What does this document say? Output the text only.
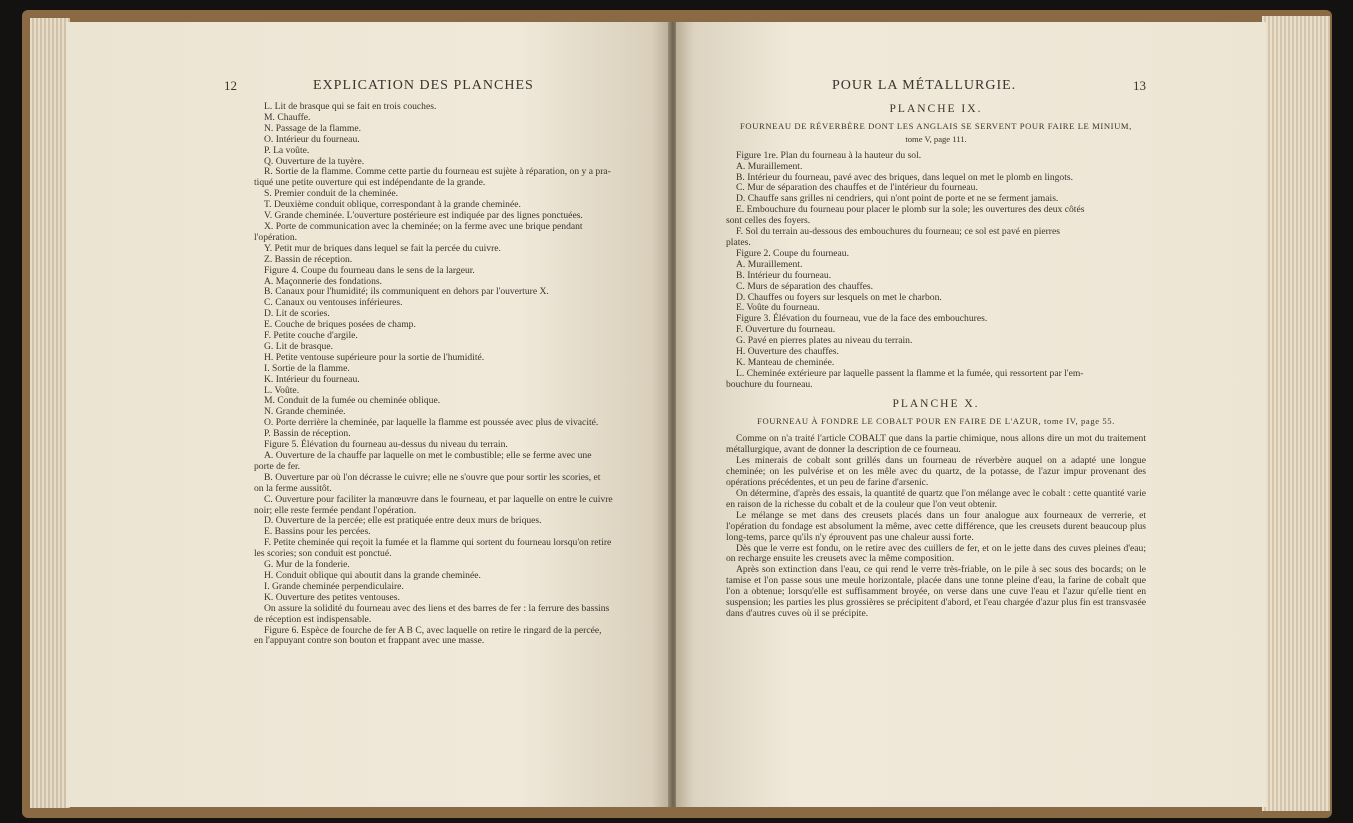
12	EXPLICATION DES PLANCHES

L. Lit de brasque qui se fait en trois couches.

M. Chauffe.

N. Passage de la flamme.

O. Intérieur du fourneau.

P. La voûte.

Q. Ouverture de la tuyère.

R. Sortie de la flamme. Comme cette partie du fourneau est sujète à réparation, on y a pra-

tiqué une petite ouverture qui est indépendante de la grande.

S. Premier conduit de la cheminée.

T. Deuxième conduit oblique, correspondant à la grande cheminée.

V. Grande cheminée. L'ouverture postérieure est indiquée par des lignes ponctuées.

X. Porte de communication avec la cheminée; on la ferme avec une brique pendant

l'opération.

Y. Petit mur de briques dans lequel se fait la percée du cuivre.

Z. Bassin de réception.

Figure 4. Coupe du fourneau dans le sens de la largeur.

A. Maçonnerie des fondations.

B. Canaux pour l'humidité; ils communiquent en dehors par l'ouverture X.

C. Canaux ou ventouses inférieures.

D. Lit de scories.

E. Couche de briques posées de champ.

F. Petite couche d'argile.

G. Lit de brasque.

H. Petite ventouse supérieure pour la sortie de l'humidité.

I. Sortie de la flamme.

K. Intérieur du fourneau.

L. Voûte.

M. Conduit de la fumée ou cheminée oblique.

N. Grande cheminée.

O. Porte derrière la cheminée, par laquelle la flamme est poussée avec plus de vivacité.

P. Bassin de réception.

Figure 5. Élévation du fourneau au-dessus du niveau du terrain.

A. Ouverture de la chauffe par laquelle on met le combustible; elle se ferme avec une

porte de fer.

B. Ouverture par où l'on décrasse le cuivre; elle ne s'ouvre que pour sortir les scories, et

on la ferme aussitôt.

C. Ouverture pour faciliter la manœuvre dans le fourneau, et par laquelle on entre le cuivre

noir; elle reste fermée pendant l'opération.

D. Ouverture de la percée; elle est pratiquée entre deux murs de briques.

E. Bassins pour les percées.

F. Petite cheminée qui reçoit la fumée et la flamme qui sortent du fourneau lorsqu'on retire

les scories; son conduit est ponctué.

G. Mur de la fonderie.

H. Conduit oblique qui aboutit dans la grande cheminée.

I. Grande cheminée perpendiculaire.

K. Ouverture des petites ventouses.

On assure la solidité du fourneau avec des liens et des barres de fer : la ferrure des bassins

de réception est indispensable.

Figure 6. Espèce de fourche de fer A B C, avec laquelle on retire le ringard de la percée,

en l'appuyant contre son bouton et frappant avec une masse.

POUR LA MÉTALLURGIE.	13
PLANCHE IX.
FOURNEAU DE RÉVERBÈRE DONT LES ANGLAIS SE SERVENT POUR FAIRE LE MINIUM,
tome V, page 111.

Figure 1re. Plan du fourneau à la hauteur du sol.

A. Muraillement.

B. Intérieur du fourneau, pavé avec des briques, dans lequel on met le plomb en lingots.

C. Mur de séparation des chauffes et de l'intérieur du fourneau.

D. Chauffe sans grilles ni cendriers, qui n'ont point de porte et ne se ferment jamais.

E. Embouchure du fourneau pour placer le plomb sur la sole; les ouvertures des deux côtés

sont celles des foyers.

F. Sol du terrain au-dessous des embouchures du fourneau; ce sol est pavé en pierres

plates.

Figure 2. Coupe du fourneau.

A. Muraillement.

B. Intérieur du fourneau.

C. Murs de séparation des chauffes.

D. Chauffes ou foyers sur lesquels on met le charbon.

E. Voûte du fourneau.

Figure 3. Élévation du fourneau, vue de la face des embouchures.

F. Ouverture du fourneau.

G. Pavé en pierres plates au niveau du terrain.

H. Ouverture des chauffes.

K. Manteau de cheminée.

L. Cheminée extérieure par laquelle passent la flamme et la fumée, qui ressortent par l'em-

bouchure du fourneau.

PLANCHE X.
FOURNEAU À FONDRE LE COBALT POUR EN FAIRE DE L'AZUR, tome IV, page 55.

Comme on n'a traité l'article COBALT que dans la partie chimique, nous allons dire un mot du traitement métallurgique, avant de donner la description de ce fourneau.

Les minerais de cobalt sont grillés dans un fourneau de réverbère auquel on a adapté une longue cheminée; on les pulvérise et on les mêle avec du quartz, de la potasse, de l'azur impur provenant des opérations précédentes, et un peu de farine d'arsenic.

On détermine, d'après des essais, la quantité de quartz que l'on mélange avec le cobalt : cette quantité varie en raison de la richesse du cobalt et de la couleur que l'on veut obtenir.

Le mélange se met dans des creusets placés dans un four analogue aux fourneaux de verrerie, et l'opération du fondage est absolument la même, avec cette différence, que les creusets durent beaucoup plus long-tems, parce qu'ils n'y éprouvent pas une chaleur aussi forte.

Dès que le verre est fondu, on le retire avec des cuillers de fer, et on le jette dans des cuves pleines d'eau; on recharge ensuite les creusets avec la même composition.

Après son extinction dans l'eau, ce qui rend le verre très-friable, on le pile à sec sous des bocards; on le tamise et l'on passe sous une meule horizontale, placée dans une tonne pleine d'eau, la farine de cobalt que l'on a obtenue; lorsqu'elle est suffisamment broyée, on verse dans une cuve l'eau et l'azur qu'elle tient en suspension; les parties les plus grossières se précipitent d'abord, et l'eau chargée d'azur plus fin est transvasée dans d'autres cuves où il se précipite.
